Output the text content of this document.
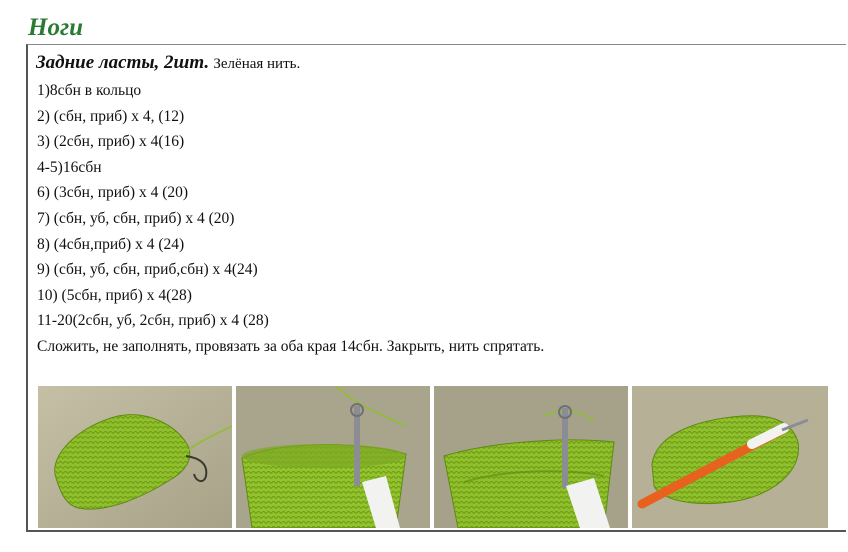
Ноги
Задние ласты, 2шт. Зелёная нить.
1)8сбн в кольцо
2) (сбн, приб) х 4, (12)
3) (2сбн, приб) х 4(16)
4-5)16сбн
6) (3сбн, приб) х 4 (20)
7) (сбн, уб, сбн, приб) х 4 (20)
8) (4сбн,приб) х 4 (24)
9) (сбн, уб, сбн, приб,сбн) х 4(24)
10) (5сбн, приб) х 4(28)
11-20(2сбн, уб, 2сбн, приб) х 4 (28)
Сложить, не заполнять, провязать за оба края 14сбн. Закрыть, нить спрятать.
